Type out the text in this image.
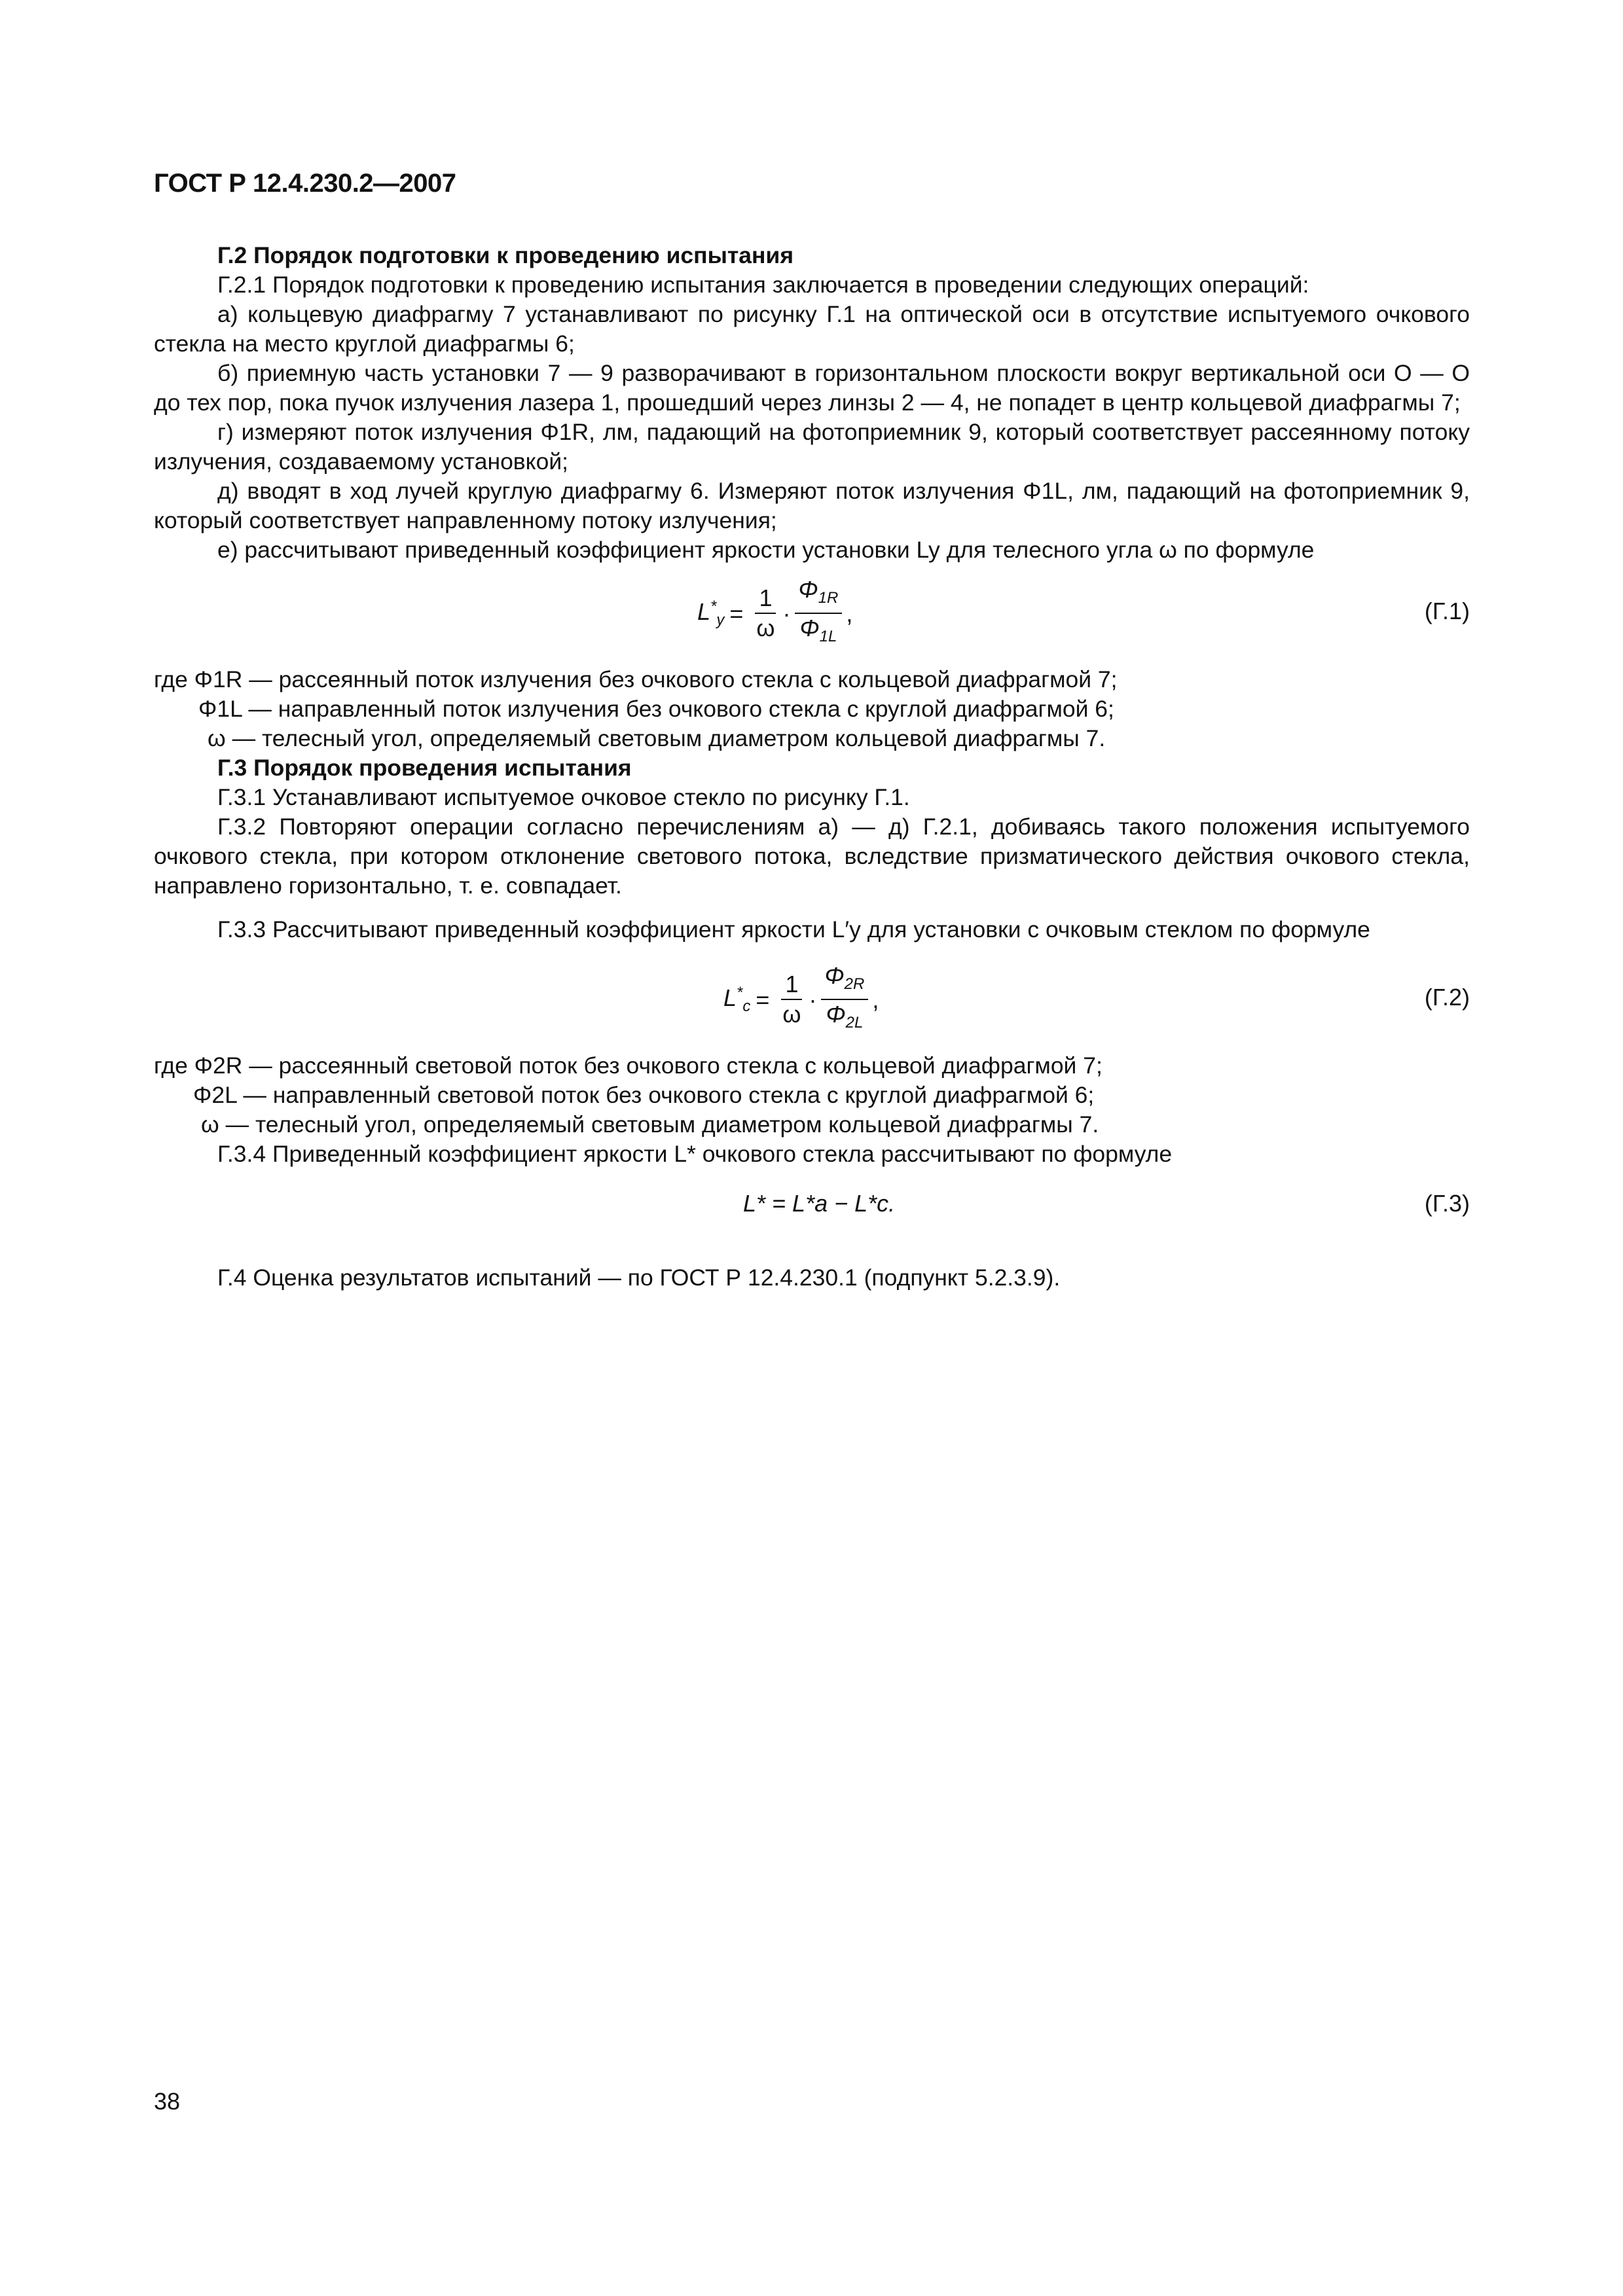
ГОСТ Р 12.4.230.2—2007

Г.2 Порядок подготовки к проведению испытания

Г.2.1 Порядок подготовки к проведению испытания заключается в проведении следующих операций:

а) кольцевую диафрагму 7 устанавливают по рисунку Г.1 на оптической оси в отсутствие испытуемого очкового стекла на место круглой диафрагмы 6;

б) приемную часть установки 7 — 9 разворачивают в горизонтальном плоскости вокруг вертикальной оси О — О до тех пор, пока пучок излучения лазера 1, прошедший через линзы 2 — 4, не попадет в центр кольцевой диафрагмы 7;

г) измеряют поток излучения Φ1R, лм, падающий на фотоприемник 9, который соответствует рассеянному потоку излучения, создаваемому установкой;

д) вводят в ход лучей круглую диафрагму 6. Измеряют поток излучения Φ1L, лм, падающий на фотоприемник 9, который соответствует направленному потоку излучения;

е) рассчитывают приведенный коэффициент яркости установки Ly для телесного угла ω по формуле

$L^*_y = \frac{1}{\omega} \cdot \frac{\Phi_{1R}}{\Phi_{1L}}$ ,	(Г.1)

где Φ1R — рассеянный поток излучения без очкового стекла с кольцевой диафрагмой 7;

Φ1L — направленный поток излучения без очкового стекла с круглой диафрагмой 6;

ω — телесный угол, определяемый световым диаметром кольцевой диафрагмы 7.

Г.3 Порядок проведения испытания

Г.3.1 Устанавливают испытуемое очковое стекло по рисунку Г.1.

Г.3.2 Повторяют операции согласно перечислениям а) — д) Г.2.1, добиваясь такого положения испытуемого очкового стекла, при котором отклонение светового потока, вследствие призматического действия очкового стекла, направлено горизонтально, т. е. совпадает.

Г.3.3 Рассчитывают приведенный коэффициент яркости L′y для установки с очковым стеклом по формуле

$L^*_c = \frac{1}{\omega} \cdot \frac{\Phi_{2R}}{\Phi_{2L}}$ ,	(Г.2)

где Φ2R — рассеянный световой поток без очкового стекла с кольцевой диафрагмой 7;

Φ2L — направленный световой поток без очкового стекла с круглой диафрагмой 6;

ω — телесный угол, определяемый световым диаметром кольцевой диафрагмы 7.

Г.3.4 Приведенный коэффициент яркости L* очкового стекла рассчитывают по формуле

L* = L*a − L*c.	(Г.3)

Г.4 Оценка результатов испытаний — по ГОСТ Р 12.4.230.1 (подпункт 5.2.3.9).

38
